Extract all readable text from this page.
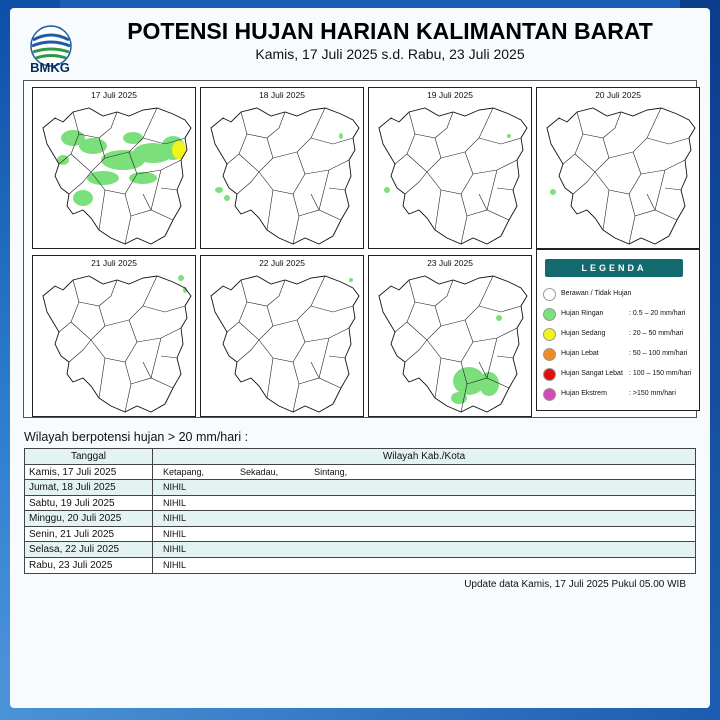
BMKG
POTENSI HUJAN HARIAN KALIMANTAN BARAT
Kamis, 17 Juli 2025 s.d. Rabu, 23 Juli 2025
17 Juli 2025	18 Juli 2025	19 Juli 2025	20 Juli 2025
21 Juli 2025	22 Juli 2025	23 Juli 2025	LEGENDA
Berawan / Tidak Hujan
Hujan Ringan	: 0.5 – 20 mm/hari
Hujan Sedang	: 20 – 50 mm/hari
Hujan Lebat	: 50 – 100 mm/hari
Hujan Sangat Lebat : 100 – 150 mm/hari
Hujan Ekstrem	: >150 mm/hari
Wilayah berpotensi hujan > 20 mm/hari :
Tanggal	Wilayah Kab./Kota
Kamis, 17 Juli 2025	Ketapang,	Sekadau,	Sintang,
Jumat, 18 Juli 2025	NIHIL
Sabtu, 19 Juli 2025	NIHIL
Minggu, 20 Juli 2025	NIHIL
Senin, 21 Juli 2025	NIHIL
Selasa, 22 Juli 2025	NIHIL
Rabu, 23 Juli 2025	NIHIL
Update data Kamis, 17 Juli 2025 Pukul 05.00 WIB
